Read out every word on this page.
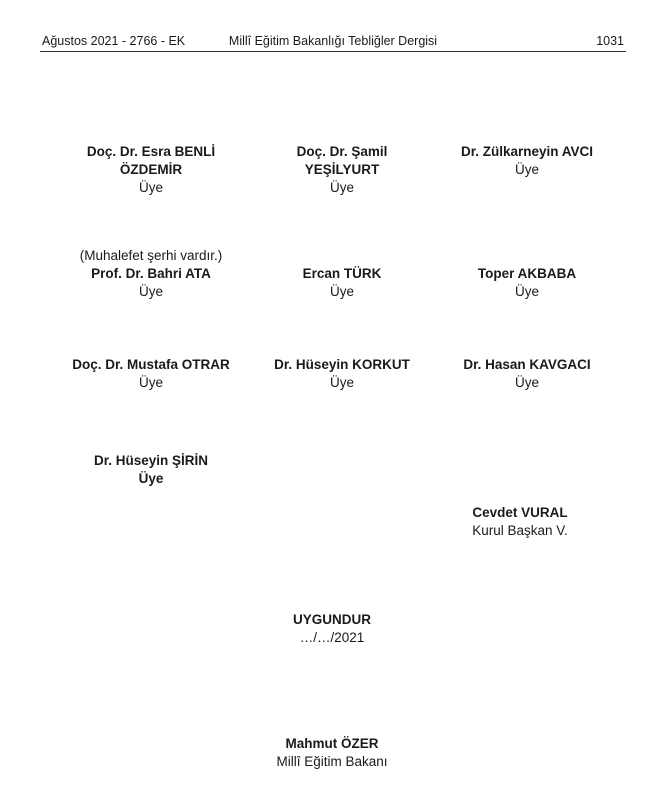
Ağustos 2021 - 2766 - EK	Millî Eğitim Bakanlığı Tebliğler Dergisi	1031
Doç. Dr. Esra BENLİ
ÖZDEMİR
Üye
Doç. Dr. Şamil
YEŞİLYURT
Üye
Dr. Zülkarneyin AVCI
Üye
(Muhalefet şerhi vardır.)
Prof. Dr. Bahri ATA
Üye
Ercan TÜRK
Üye
Toper AKBABA
Üye
Doç. Dr. Mustafa OTRAR
Üye
Dr. Hüseyin KORKUT
Üye
Dr. Hasan KAVGACI
Üye
Dr. Hüseyin ŞİRİN
Üye
Cevdet VURAL
Kurul Başkan V.
UYGUNDUR
…/…/2021
Mahmut ÖZER
Millî Eğitim Bakanı
